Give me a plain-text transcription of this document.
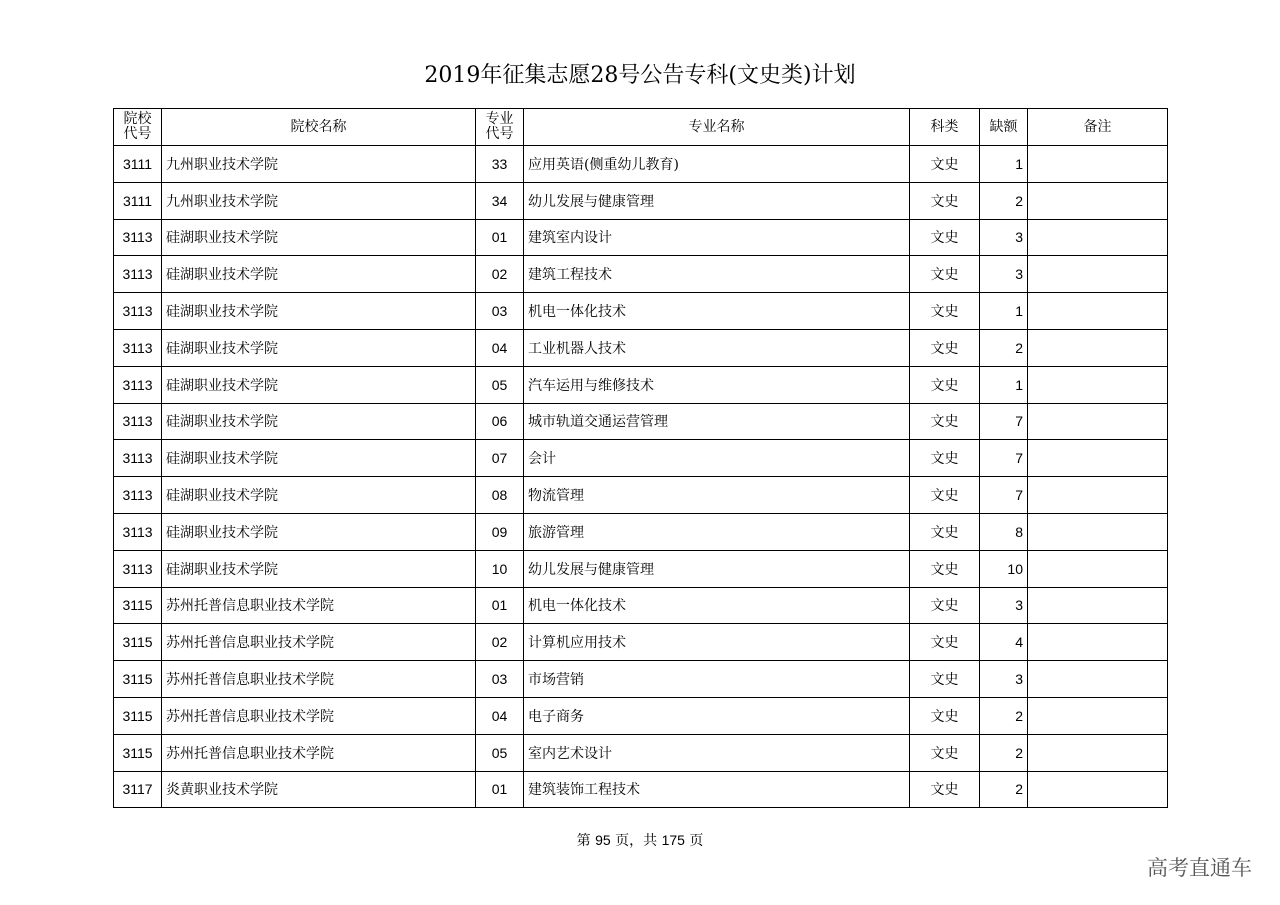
2019年征集志愿28号公告专科(文史类)计划
院校代号	院校名称	专业代号	专业名称	科类	缺额	备注
3111	九州职业技术学院	33	应用英语(侧重幼儿教育)	文史	1	
3111	九州职业技术学院	34	幼儿发展与健康管理	文史	2	
3113	硅湖职业技术学院	01	建筑室内设计	文史	3	
3113	硅湖职业技术学院	02	建筑工程技术	文史	3	
3113	硅湖职业技术学院	03	机电一体化技术	文史	1	
3113	硅湖职业技术学院	04	工业机器人技术	文史	2	
3113	硅湖职业技术学院	05	汽车运用与维修技术	文史	1	
3113	硅湖职业技术学院	06	城市轨道交通运营管理	文史	7	
3113	硅湖职业技术学院	07	会计	文史	7	
3113	硅湖职业技术学院	08	物流管理	文史	7	
3113	硅湖职业技术学院	09	旅游管理	文史	8	
3113	硅湖职业技术学院	10	幼儿发展与健康管理	文史	10	
3115	苏州托普信息职业技术学院	01	机电一体化技术	文史	3	
3115	苏州托普信息职业技术学院	02	计算机应用技术	文史	4	
3115	苏州托普信息职业技术学院	03	市场营销	文史	3	
3115	苏州托普信息职业技术学院	04	电子商务	文史	2	
3115	苏州托普信息职业技术学院	05	室内艺术设计	文史	2	
3117	炎黄职业技术学院	01	建筑装饰工程技术	文史	2	
第 95 页，共 175 页
高考直通车
